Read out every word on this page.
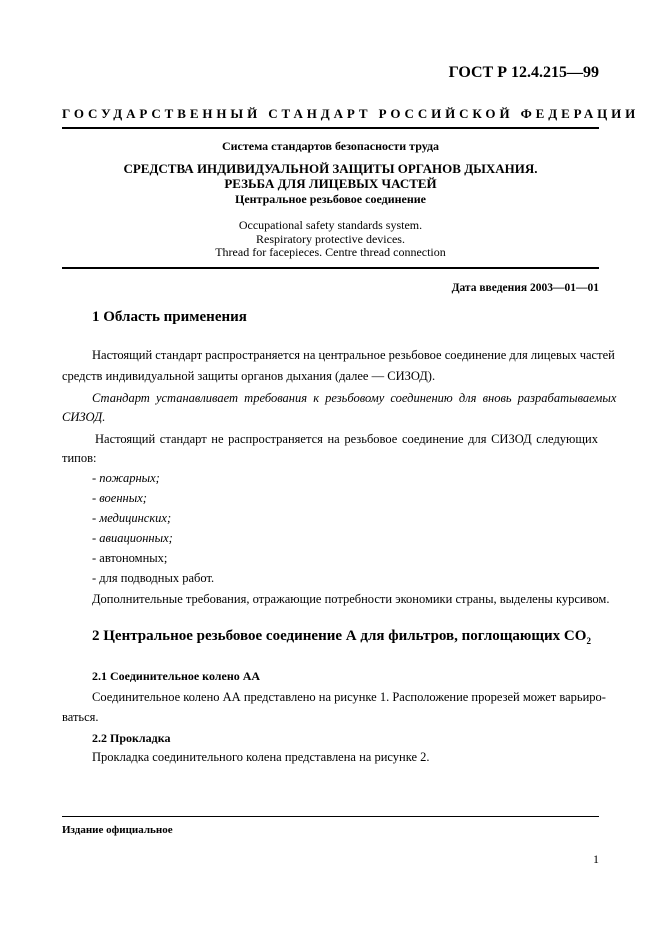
ГОСТ Р 12.4.215—99
ГОСУДАРСТВЕННЫЙ СТАНДАРТ РОССИЙСКОЙ ФЕДЕРАЦИИ
Система стандартов безопасности труда
СРЕДСТВА ИНДИВИДУАЛЬНОЙ ЗАЩИТЫ ОРГАНОВ ДЫХАНИЯ.
РЕЗЬБА ДЛЯ ЛИЦЕВЫХ ЧАСТЕЙ
Центральное резьбовое соединение
Occupational safety standards system.
Respiratory protective devices.
Thread for facepieces. Centre thread connection
Дата введения 2003—01—01
1 Область применения
Настоящий стандарт распространяется на центральное резьбовое соединение для лицевых частей
средств индивидуальной защиты органов дыхания (далее — СИЗОД).
Стандарт устанавливает требования к резьбовому соединению для вновь разрабатываемых
СИЗОД.
Настоящий стандарт не распространяется на резьбовое соединение для СИЗОД следующих
типов:
- пожарных;
- военных;
- медицинских;
- авиационных;
- автономных;
- для подводных работ.
Дополнительные требования, отражающие потребности экономики страны, выделены курсивом.
2 Центральное резьбовое соединение А для фильтров, поглощающих $CO_2$
2.1 Соединительное колено АА
Соединительное колено АА представлено на рисунке 1. Расположение прорезей может варьиро-
ваться.
2.2 Прокладка
Прокладка соединительного колена представлена на рисунке 2.
Издание официальное
1
